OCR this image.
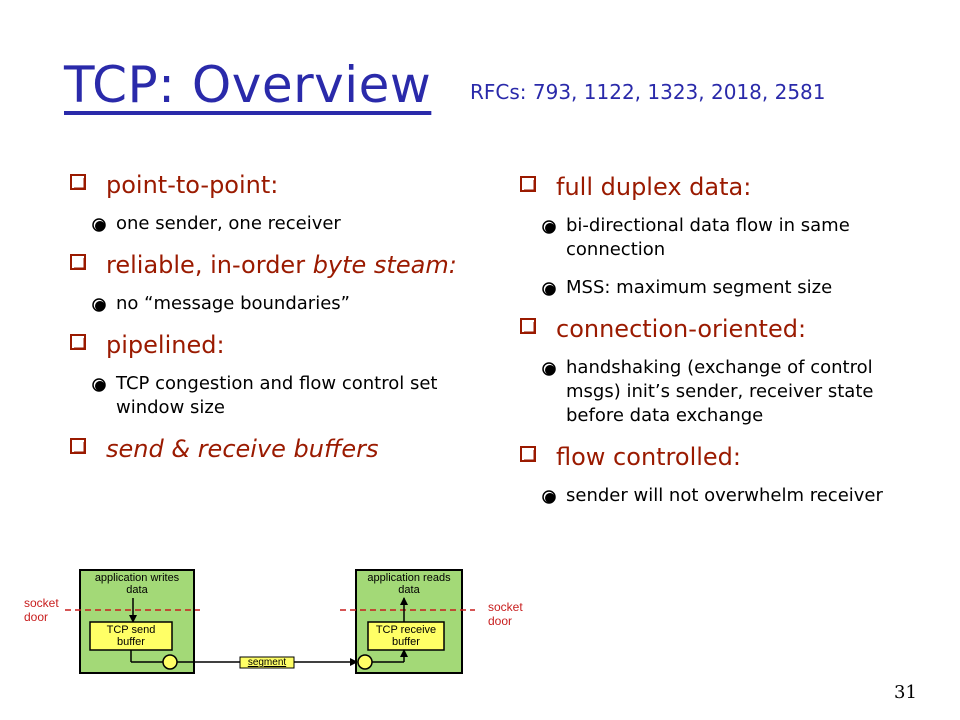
TCP: Overview RFCs: 793, 1122, 1323, 2018, 2581
point-to-point:
one sender, one receiver
reliable, in-order byte steam:
no “message boundaries”
pipelined:
TCP congestion and flow control set window size
send & receive buffers
full duplex data:
bi-directional data flow in same connection
MSS: maximum segment size
connection-oriented:
handshaking (exchange of control msgs) init’s sender, receiver state before data exchange
flow controlled:
sender will not overwhelm receiver
application writes data
application reads data
TCP send buffer
TCP receive buffer
segment
socket door
socket door
31
